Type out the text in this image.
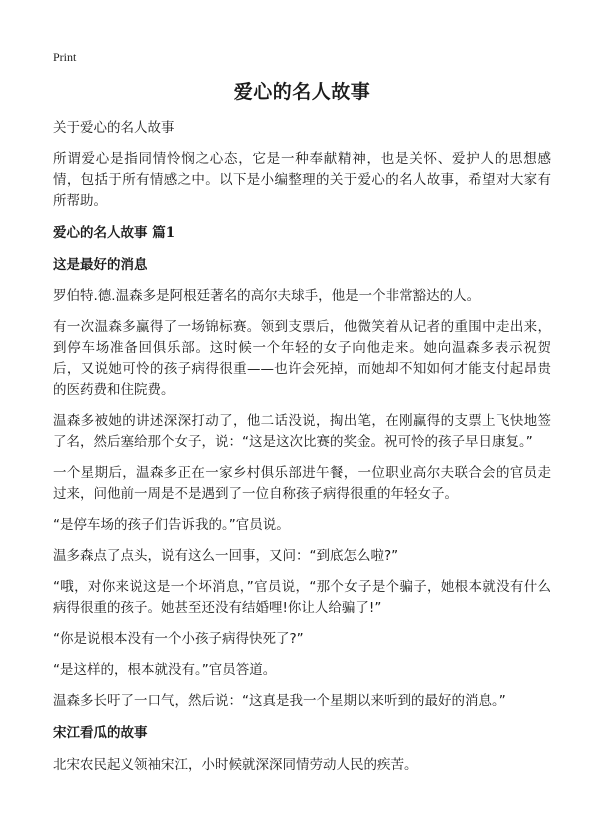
Print
爱心的名人故事
关于爱心的名人故事
所谓爱心是指同情怜悯之心态，它是一种奉献精神，也是关怀、爱护人的思想感情，包括于所有情感之中。以下是小编整理的关于爱心的名人故事，希望对大家有所帮助。
爱心的名人故事 篇1
这是最好的消息
罗伯特.德.温森多是阿根廷著名的高尔夫球手，他是一个非常豁达的人。
有一次温森多赢得了一场锦标赛。领到支票后，他微笑着从记者的重围中走出来，到停车场准备回俱乐部。这时候一个年轻的女子向他走来。她向温森多表示祝贺后，又说她可怜的孩子病得很重——也许会死掉，而她却不知如何才能支付起昂贵的医药费和住院费。
温森多被她的讲述深深打动了，他二话没说，掏出笔，在刚赢得的支票上飞快地签了名，然后塞给那个女子，说：“这是这次比赛的奖金。祝可怜的孩子早日康复。”
一个星期后，温森多正在一家乡村俱乐部进午餐，一位职业高尔夫联合会的官员走过来，问他前一周是不是遇到了一位自称孩子病得很重的年轻女子。
“是停车场的孩子们告诉我的。”官员说。
温多森点了点头，说有这么一回事，又问：“到底怎么啦?”
“哦，对你来说这是一个坏消息，”官员说，“那个女子是个骗子，她根本就没有什么病得很重的孩子。她甚至还没有结婚哩!你让人给骗了!”
“你是说根本没有一个小孩子病得快死了?”
“是这样的，根本就没有。”官员答道。
温森多长吁了一口气，然后说：“这真是我一个星期以来听到的最好的消息。”
宋江看瓜的故事
北宋农民起义领袖宋江，小时候就深深同情劳动人民的疾苦。
